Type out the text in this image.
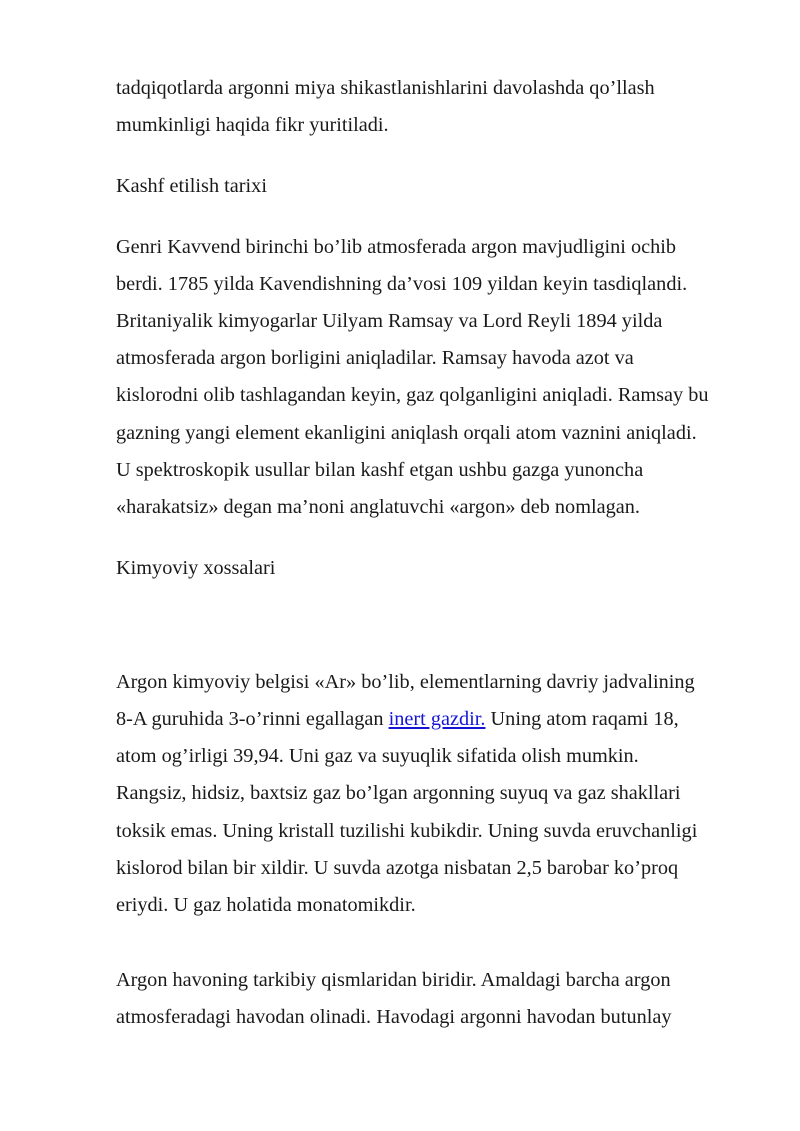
tadqiqotlarda argonni miya shikastlanishlarini davolashda qo’llash
mumkinligi haqida fikr yuritiladi.
Kashf etilish tarixi
Genri Kavvend birinchi bo’lib atmosferada argon mavjudligini ochib
berdi. 1785 yilda Kavendishning da’vosi 109 yildan keyin tasdiqlandi.
Britaniyalik kimyogarlar Uilyam Ramsay va Lord Reyli 1894 yilda
atmosferada argon borligini aniqladilar. Ramsay havoda azot va
kislorodni olib tashlagandan keyin, gaz qolganligini aniqladi. Ramsay bu
gazning yangi element ekanligini aniqlash orqali atom vaznini aniqladi.
U spektroskopik usullar bilan kashf etgan ushbu gazga yunoncha
«harakatsiz» degan ma’noni anglatuvchi «argon» deb nomlagan.
Kimyoviy xossalari
Argon kimyoviy belgisi «Ar» bo’lib, elementlarning davriy jadvalining
8-A guruhida 3-o’rinni egallagan inert gazdir. Uning atom raqami 18,
atom og’irligi 39,94. Uni gaz va suyuqlik sifatida olish mumkin.
Rangsiz, hidsiz, baxtsiz gaz bo’lgan argonning suyuq va gaz shakllari
toksik emas. Uning kristall tuzilishi kubikdir. Uning suvda eruvchanligi
kislorod bilan bir xildir. U suvda azotga nisbatan 2,5 barobar ko’proq
eriydi. U gaz holatida monatomikdir.
Argon havoning tarkibiy qismlaridan biridir. Amaldagi barcha argon
atmosferadagi havodan olinadi. Havodagi argonni havodan butunlay
